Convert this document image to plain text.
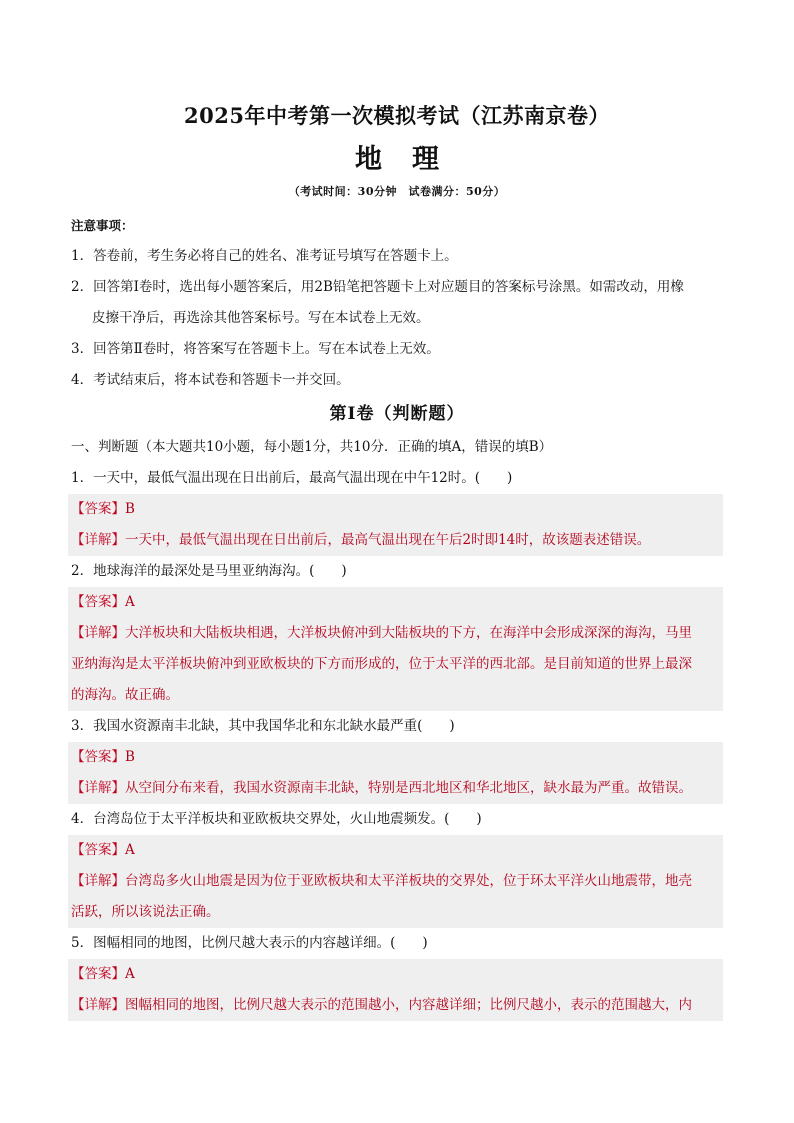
2025年中考第一次模拟考试（江苏南京卷）
地理
（考试时间：30分钟　试卷满分：50分）
注意事项：
1．答卷前，考生务必将自己的姓名、准考证号填写在答题卡上。
2．回答第Ⅰ卷时，选出每小题答案后，用2B铅笔把答题卡上对应题目的答案标号涂黑。如需改动，用橡
皮擦干净后，再选涂其他答案标号。写在本试卷上无效。
3．回答第Ⅱ卷时，将答案写在答题卡上。写在本试卷上无效。
4．考试结束后，将本试卷和答题卡一并交回。
第Ⅰ卷（判断题）
一、判断题（本大题共10小题，每小题1分，共10分．正确的填A，错误的填B）
1．一天中，最低气温出现在日出前后，最高气温出现在中午12时。(　　)
【答案】B
【详解】一天中，最低气温出现在日出前后，最高气温出现在午后2时即14时，故该题表述错误。
2．地球海洋的最深处是马里亚纳海沟。(　　)
【答案】A
【详解】大洋板块和大陆板块相遇，大洋板块俯冲到大陆板块的下方，在海洋中会形成深深的海沟，马里
亚纳海沟是太平洋板块俯冲到亚欧板块的下方而形成的，位于太平洋的西北部。是目前知道的世界上最深
的海沟。故正确。
3．我国水资源南丰北缺，其中我国华北和东北缺水最严重(　　)
【答案】B
【详解】从空间分布来看，我国水资源南丰北缺，特别是西北地区和华北地区，缺水最为严重。故错误。
4．台湾岛位于太平洋板块和亚欧板块交界处，火山地震频发。(　　)
【答案】A
【详解】台湾岛多火山地震是因为位于亚欧板块和太平洋板块的交界处，位于环太平洋火山地震带，地壳
活跃，所以该说法正确。
5．图幅相同的地图，比例尺越大表示的内容越详细。(　　)
【答案】A
【详解】图幅相同的地图，比例尺越大表示的范围越小，内容越详细；比例尺越小，表示的范围越大，内
